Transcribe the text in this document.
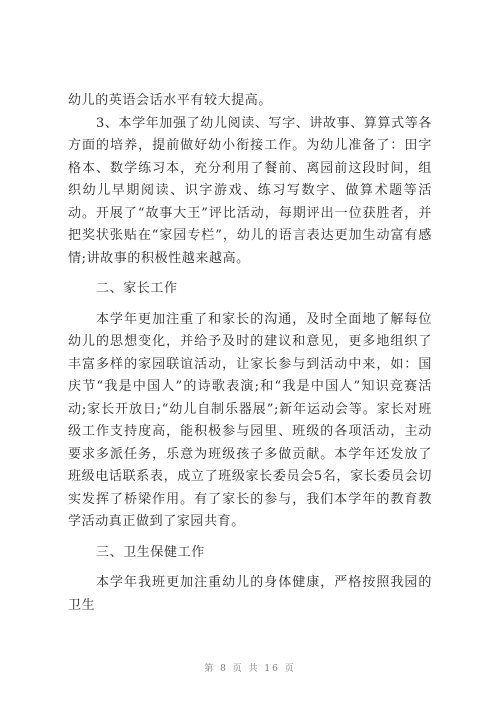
幼儿的英语会话水平有较大提高。

3、本学年加强了幼儿阅读、写字、讲故事、算算式等各方面的培养，提前做好幼小衔接工作。为幼儿准备了：田字格本、数学练习本，充分利用了餐前、离园前这段时间，组织幼儿早期阅读、识字游戏、练习写数字、做算术题等活动。开展了“故事大王”评比活动，每期评出一位获胜者，并把奖状张贴在“家园专栏”，幼儿的语言表达更加生动富有感情;讲故事的积极性越来越高。

二、家长工作

本学年更加注重了和家长的沟通，及时全面地了解每位幼儿的思想变化，并给予及时的建议和意见，更多地组织了丰富多样的家园联谊活动，让家长参与到活动中来，如：国庆节“我是中国人”的诗歌表演;和“我是中国人”知识竞赛活动;家长开放日;“幼儿自制乐器展”;新年运动会等。家长对班级工作支持度高，能积极参与园里、班级的各项活动，主动要求多派任务，乐意为班级孩子多做贡献。本学年还发放了班级电话联系表，成立了班级家长委员会5名，家长委员会切实发挥了桥梁作用。有了家长的参与，我们本学年的教育教学活动真正做到了家园共育。

三、卫生保健工作

本学年我班更加注重幼儿的身体健康，严格按照我园的卫生

第 8 页 共 16 页
